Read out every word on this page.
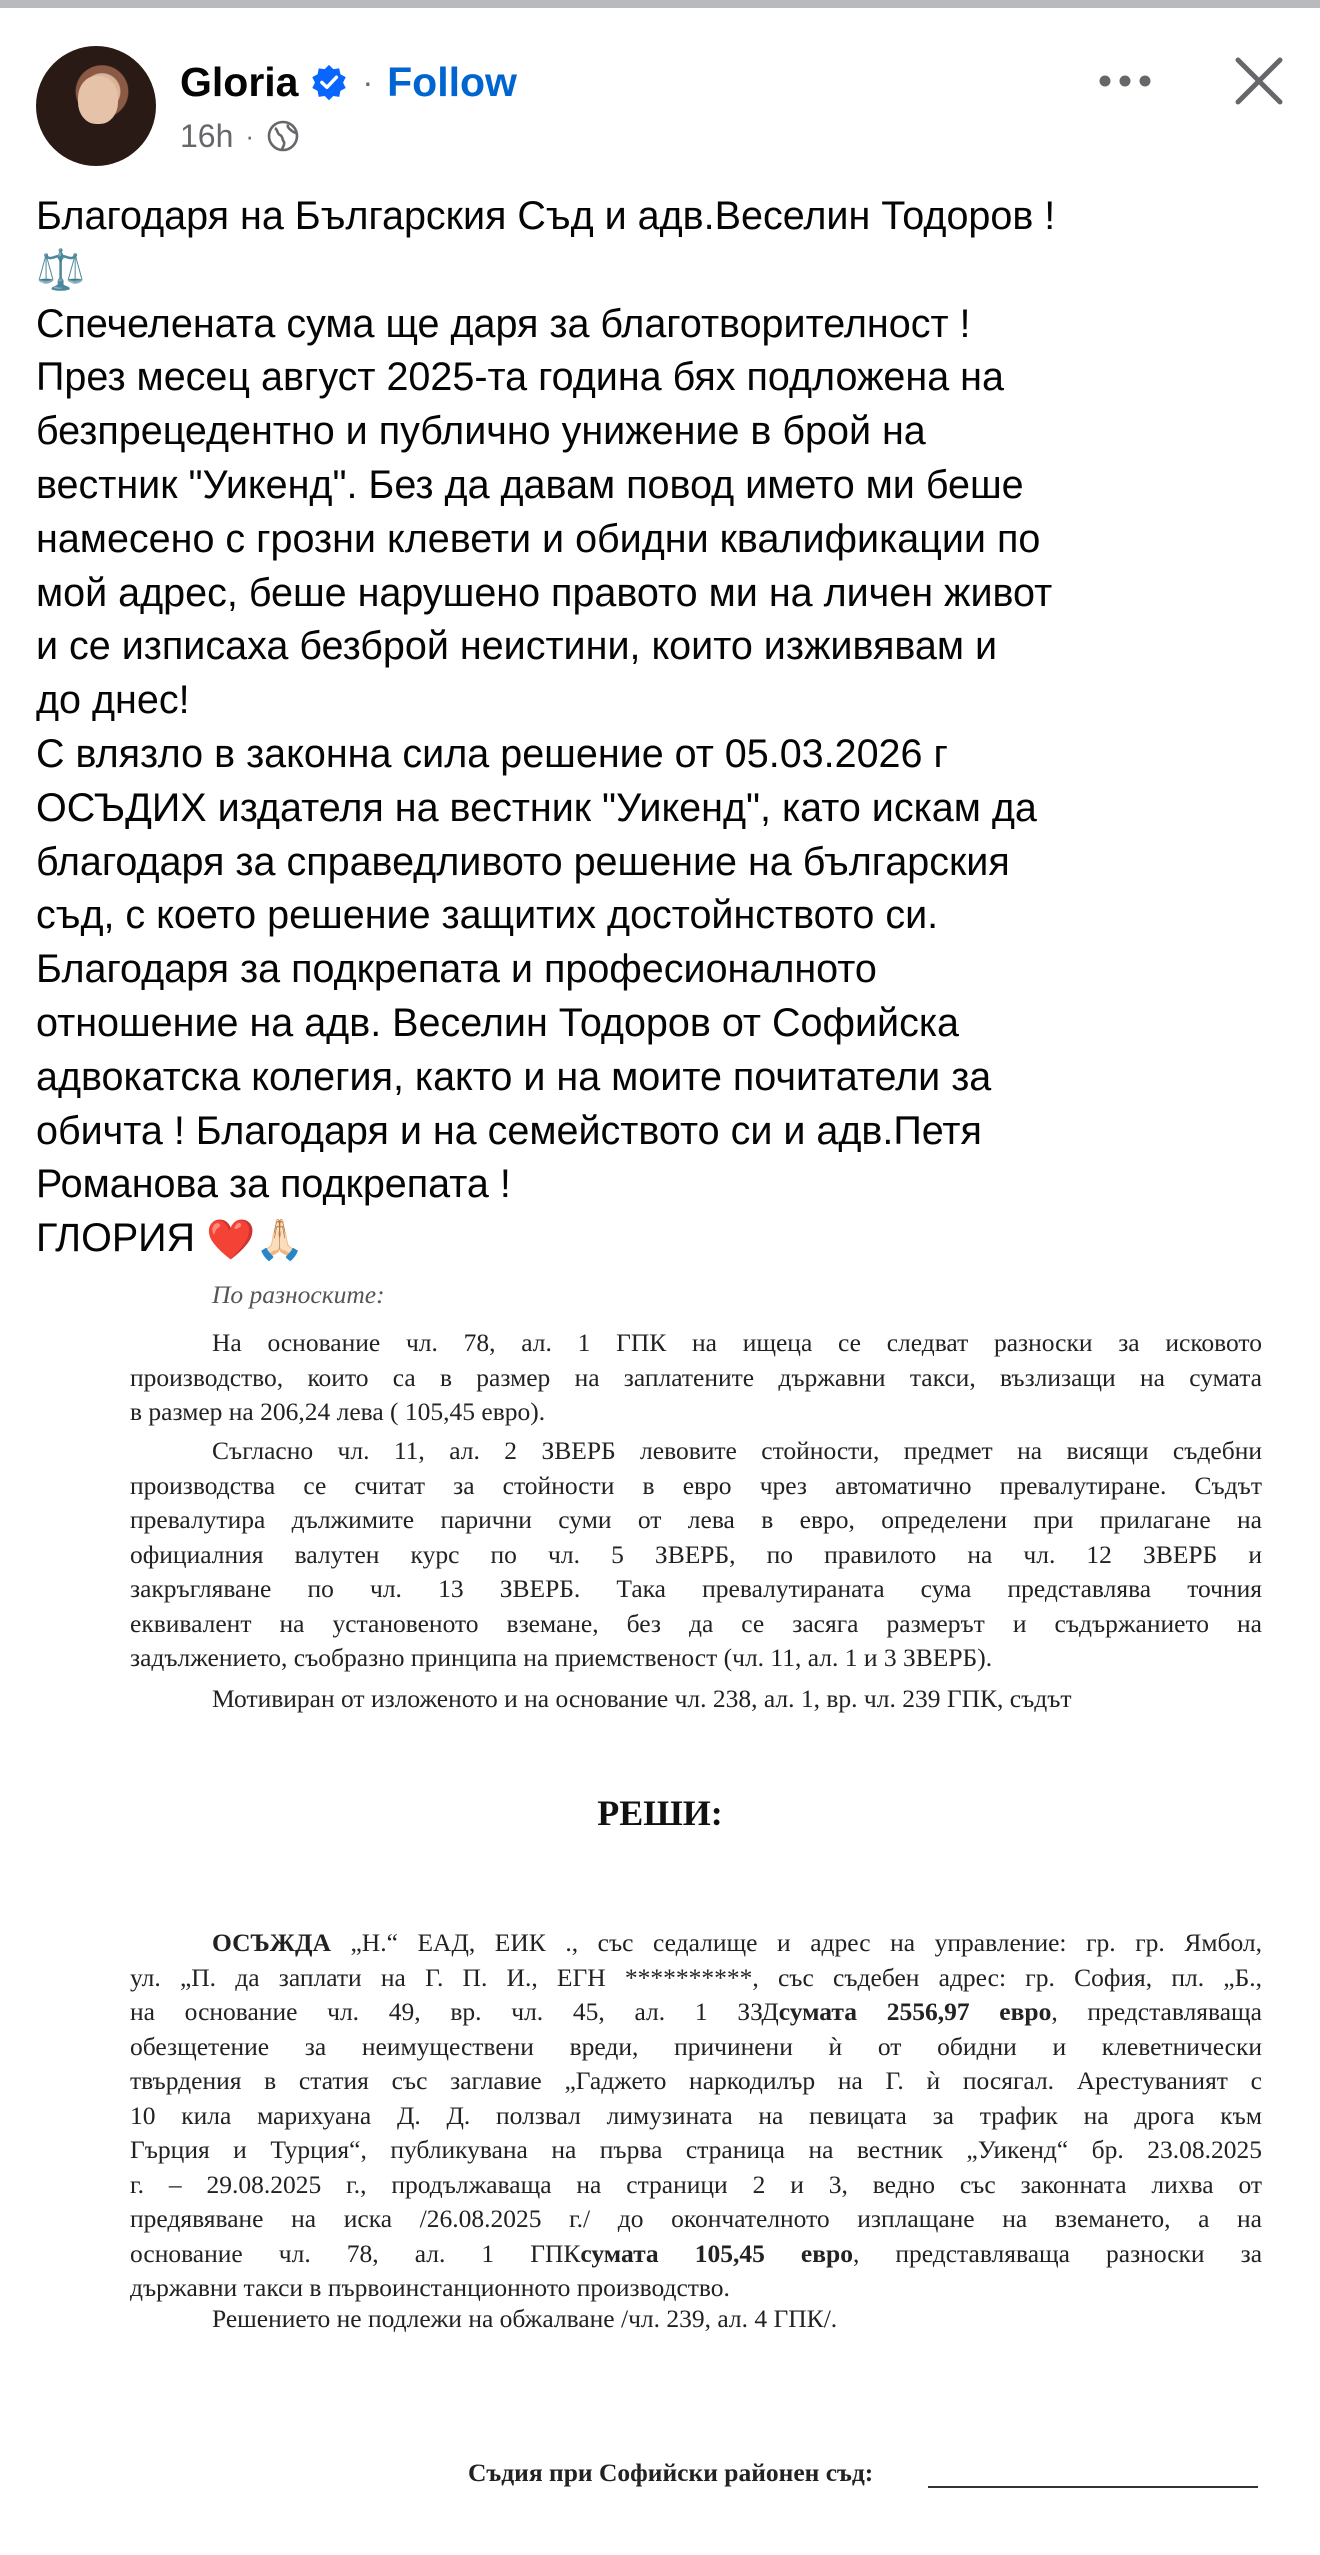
Gloria · Follow
16h ·

Благодаря на Българския Съд и адв.Веселин Тодоров !

⚖️

Спечелената сума ще даря за благотворителност !

През месец август 2025-та година бях подложена на

безпрецедентно и публично унижение в брой на

вестник "Уикенд". Без да давам повод името ми беше

намесено с грозни клевети и обидни квалификации по

мой адрес, беше нарушено правото ми на личен живот

и се изписаха безброй неистини, които изживявам и

до днес!

С влязло в законна сила решение от 05.03.2026 г

ОСЪДИХ издателя на вестник "Уикенд", като искам да

благодаря за справедливото решение на българския

съд, с което решение защитих достойнството си.

Благодаря за подкрепата и професионалното

отношение на адв. Веселин Тодоров от Софийска

адвокатска колегия, както и на моите почитатели за

обичта ! Благодаря и на семейството си и адв.Петя

Романова за подкрепата !

ГЛОРИЯ ❤️🙏🏻

По разноските:
На основание чл. 78, ал. 1 ГПК на ищеца се следват разноски за исковото
производство, които са в размер на заплатените държавни такси, възлизащи на сумата
в размер на 206,24 лева ( 105,45 евро).
Съгласно чл. 11, ал. 2 ЗВЕРБ левовите стойности, предмет на висящи съдебни
производства се считат за стойности в евро чрез автоматично превалутиране. Съдът
превалутира дължимите парични суми от лева в евро, определени при прилагане на
официалния валутен курс по чл. 5 ЗВЕРБ, по правилото на чл. 12 ЗВЕРБ и
закръгляване по чл. 13 ЗВЕРБ. Така превалутираната сума представлява точния
еквивалент на установеното вземане, без да се засяга размерът и съдържанието на
задължението, съобразно принципа на приемственост (чл. 11, ал. 1 и 3 ЗВЕРБ).
Мотивиран от изложеното и на основание чл. 238, ал. 1, вр. чл. 239 ГПК, съдът
РЕШИ:
ОСЪЖДА „Н.“ ЕАД, ЕИК ., със седалище и адрес на управление: гр. гр. Ямбол,
ул. „П. да заплати на Г. П. И., ЕГН **********, със съдебен адрес: гр. София, пл. „Б.,
на основание чл. 49, вр. чл. 45, ал. 1 ЗЗДсумата 2556,97 евро, представляваща
обезщетение за неимуществени вреди, причинени ѝ от обидни и клеветнически
твърдения в статия със заглавие „Гаджето наркодилър на Г. ѝ посягал. Арестуваният с
10 кила марихуана Д. Д. ползвал лимузината на певицата за трафик на дрога към
Гърция и Турция“, публикувана на първа страница на вестник „Уикенд“ бр. 23.08.2025
г. – 29.08.2025 г., продължаваща на страници 2 и 3, ведно със законната лихва от
предявяване на иска /26.08.2025 г./ до окончателното изплащане на вземането, а на
основание чл. 78, ал. 1 ГПКсумата 105,45 евро, представляваща разноски за
държавни такси в първоинстанционното производство.
Решението не подлежи на обжалване /чл. 239, ал. 4 ГПК/.
Съдия при Софийски районен съд:
